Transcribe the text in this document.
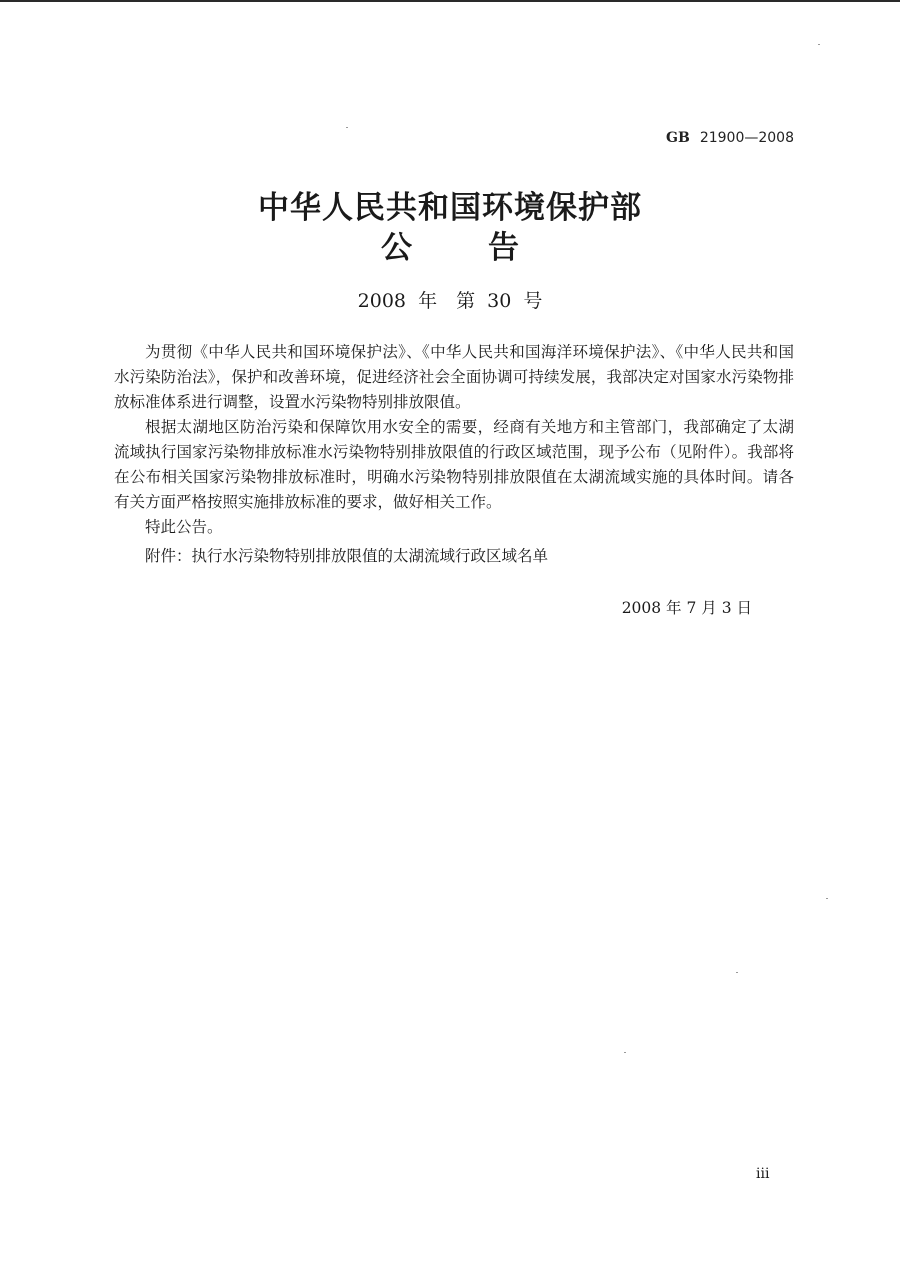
GB 21900—2008
中华人民共和国环境保护部
公告
2008 年　第 30 号

为贯彻《中华人民共和国环境保护法》、《中华人民共和国海洋环境保护法》、《中华人民共和国水污染防治法》，保护和改善环境，促进经济社会全面协调可持续发展，我部决定对国家水污染物排放标准体系进行调整，设置水污染物特别排放限值。

根据太湖地区防治污染和保障饮用水安全的需要，经商有关地方和主管部门，我部确定了太湖流域执行国家污染物排放标准水污染物特别排放限值的行政区域范围，现予公布（见附件）。我部将在公布相关国家污染物排放标准时，明确水污染物特别排放限值在太湖流域实施的具体时间。请各有关方面严格按照实施排放标准的要求，做好相关工作。

特此公告。

附件：执行水污染物特别排放限值的太湖流域行政区域名单
2008 年 7 月 3 日
iii
